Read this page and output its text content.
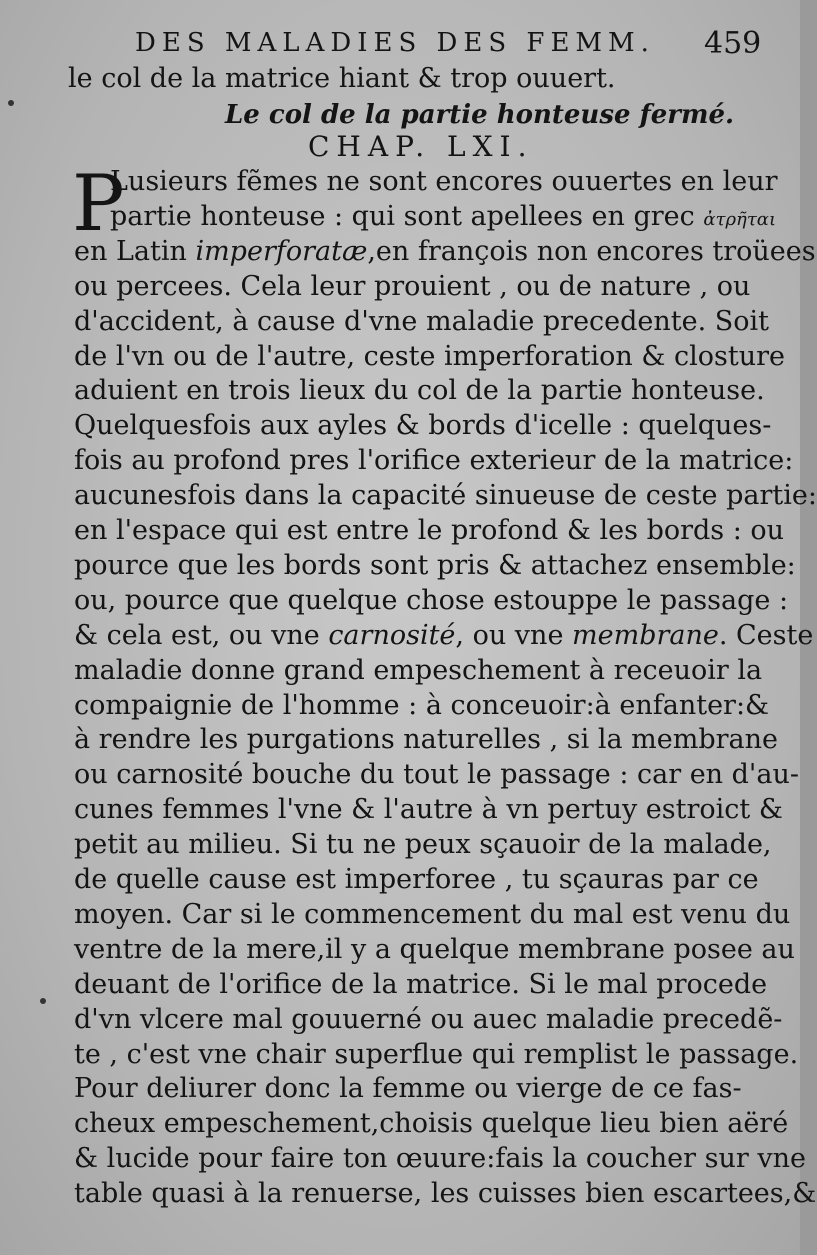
DES MALADIES DES FEMM. 459
le col de la matrice hiant & trop ouuert.
Le col de la partie honteuse fermé.
CHAP. LXI.
P
Lusieurs fẽmes ne sont encores ouuertes en leur
partie honteuse : qui sont apellees en grec ἀτρῆται
en Latin imperforatæ,en françois non encores troüees
ou percees. Cela leur prouient , ou de nature , ou
d'accident, à cause d'vne maladie precedente. Soit
de l'vn ou de l'autre, ceste imperforation & closture
aduient en trois lieux du col de la partie honteuse.
Quelquesfois aux ayles & bords d'icelle : quelques-
fois au profond pres l'orifice exterieur de la matrice:
aucunesfois dans la capacité sinueuse de ceste partie:
en l'espace qui est entre le profond & les bords : ou
pource que les bords sont pris & attachez ensemble:
ou, pource que quelque chose estouppe le passage :
& cela est, ou vne carnosité, ou vne membrane. Ceste
maladie donne grand empeschement à receuoir la
compaignie de l'homme : à conceuoir:à enfanter:&
à rendre les purgations naturelles , si la membrane
ou carnosité bouche du tout le passage : car en d'au-
cunes femmes l'vne & l'autre à vn pertuy estroict &
petit au milieu. Si tu ne peux sçauoir de la malade,
de quelle cause est imperforee , tu sçauras par ce
moyen. Car si le commencement du mal est venu du
ventre de la mere,il y a quelque membrane posee au
deuant de l'orifice de la matrice. Si le mal procede
d'vn vlcere mal gouuerné ou auec maladie precedẽ-
te , c'est vne chair superflue qui remplist le passage.
Pour deliurer donc la femme ou vierge de ce fas-
cheux empeschement,choisis quelque lieu bien aëré
& lucide pour faire ton œuure:fais la coucher sur vne
table quasi à la renuerse, les cuisses bien escartees,&
